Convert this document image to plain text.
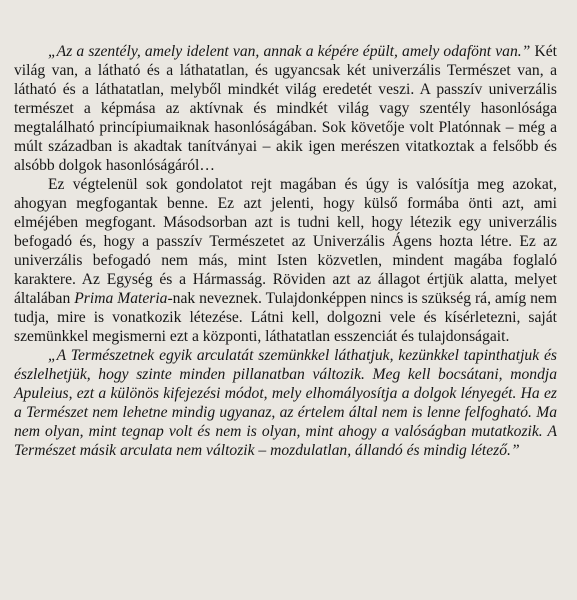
„Az a szentély, amely idelent van, annak a képére épült, amely odafönt van.” Két világ van, a látható és a láthatatlan, és ugyancsak két univerzális Természet van, a látható és a láthatatlan, melyből mindkét világ eredetét veszi. A passzív univerzális természet a képmása az aktívnak és mindkét világ vagy szentély hasonlósága megtalálható princípiumaiknak hasonlóságában. Sok követője volt Platónnak – még a múlt században is akadtak tanítványai – akik igen merészen vitatkoztak a felsőbb és alsóbb dolgok hasonlóságáról…

Ez végtelenül sok gondolatot rejt magában és úgy is valósítja meg azokat, ahogyan megfogantak benne. Ez azt jelenti, hogy külső formába önti azt, ami elméjében megfogant. Másodsorban azt is tudni kell, hogy létezik egy univerzális befogadó és, hogy a passzív Természetet az Univerzális Ágens hozta létre. Ez az univerzális befogadó nem más, mint Isten közvetlen, mindent magába foglaló karaktere. Az Egység és a Hármasság. Röviden azt az állagot értjük alatta, melyet általában Prima Materia-nak neveznek. Tulajdonképpen nincs is szükség rá, amíg nem tudja, mire is vonatkozik létezése. Látni kell, dolgozni vele és kísérletezni, saját szemünkkel megismerni ezt a központi, láthatatlan esszenciát és tulajdonságait.

„A Természetnek egyik arculatát szemünkkel láthatjuk, kezünkkel tapinthatjuk és észlelhetjük, hogy szinte minden pillanatban változik. Meg kell bocsátani, mondja Apuleius, ezt a különös kifejezési módot, mely elhomályosítja a dolgok lényegét. Ha ez a Természet nem lehetne mindig ugyanaz, az értelem által nem is lenne felfogható. Ma nem olyan, mint tegnap volt és nem is olyan, mint ahogy a valóságban mutatkozik. A Természet másik arculata nem változik – mozdulatlan, állandó és mindig létező.”
